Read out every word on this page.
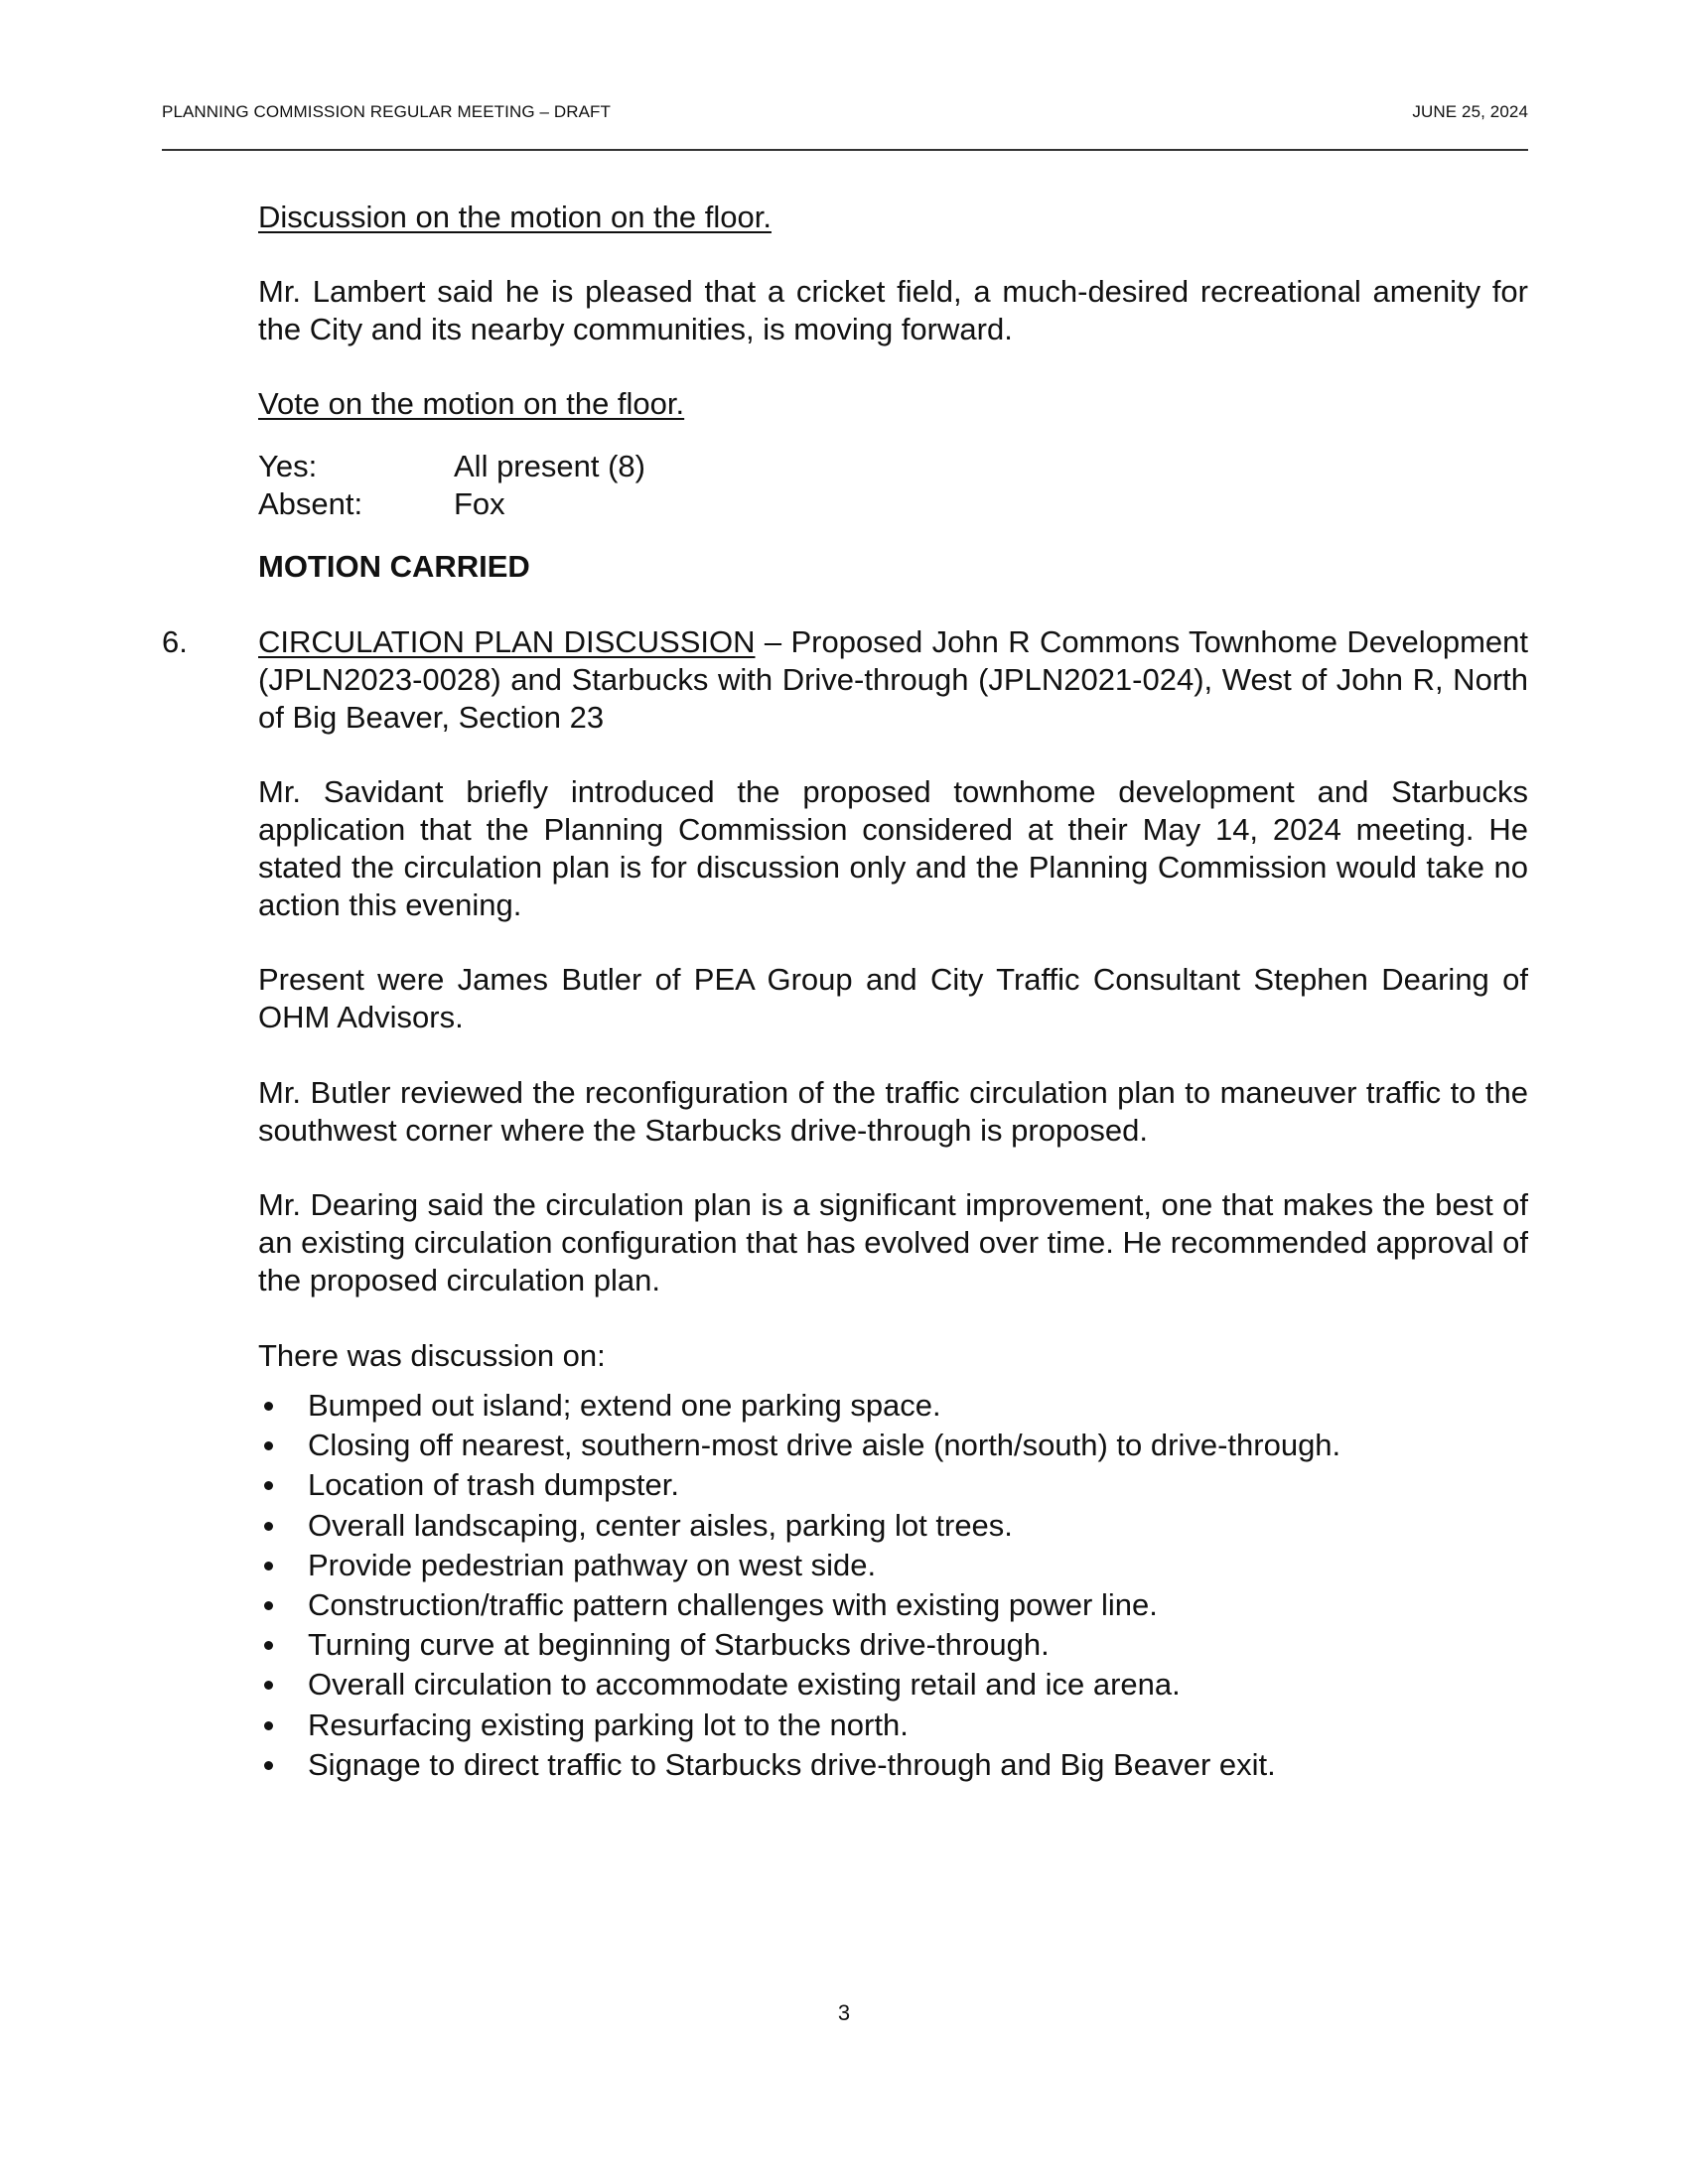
PLANNING COMMISSION REGULAR MEETING – DRAFT	JUNE 25, 2024
Discussion on the motion on the floor.
Mr. Lambert said he is pleased that a cricket field, a much-desired recreational amenity for the City and its nearby communities, is moving forward.
Vote on the motion on the floor.
Yes:	All present (8)
Absent:	Fox
MOTION CARRIED
6. CIRCULATION PLAN DISCUSSION – Proposed John R Commons Townhome Development (JPLN2023-0028) and Starbucks with Drive-through (JPLN2021-024), West of John R, North of Big Beaver, Section 23
Mr. Savidant briefly introduced the proposed townhome development and Starbucks application that the Planning Commission considered at their May 14, 2024 meeting. He stated the circulation plan is for discussion only and the Planning Commission would take no action this evening.
Present were James Butler of PEA Group and City Traffic Consultant Stephen Dearing of OHM Advisors.
Mr. Butler reviewed the reconfiguration of the traffic circulation plan to maneuver traffic to the southwest corner where the Starbucks drive-through is proposed.
Mr. Dearing said the circulation plan is a significant improvement, one that makes the best of an existing circulation configuration that has evolved over time. He recommended approval of the proposed circulation plan.
There was discussion on:
Bumped out island; extend one parking space.
Closing off nearest, southern-most drive aisle (north/south) to drive-through.
Location of trash dumpster.
Overall landscaping, center aisles, parking lot trees.
Provide pedestrian pathway on west side.
Construction/traffic pattern challenges with existing power line.
Turning curve at beginning of Starbucks drive-through.
Overall circulation to accommodate existing retail and ice arena.
Resurfacing existing parking lot to the north.
Signage to direct traffic to Starbucks drive-through and Big Beaver exit.
3
